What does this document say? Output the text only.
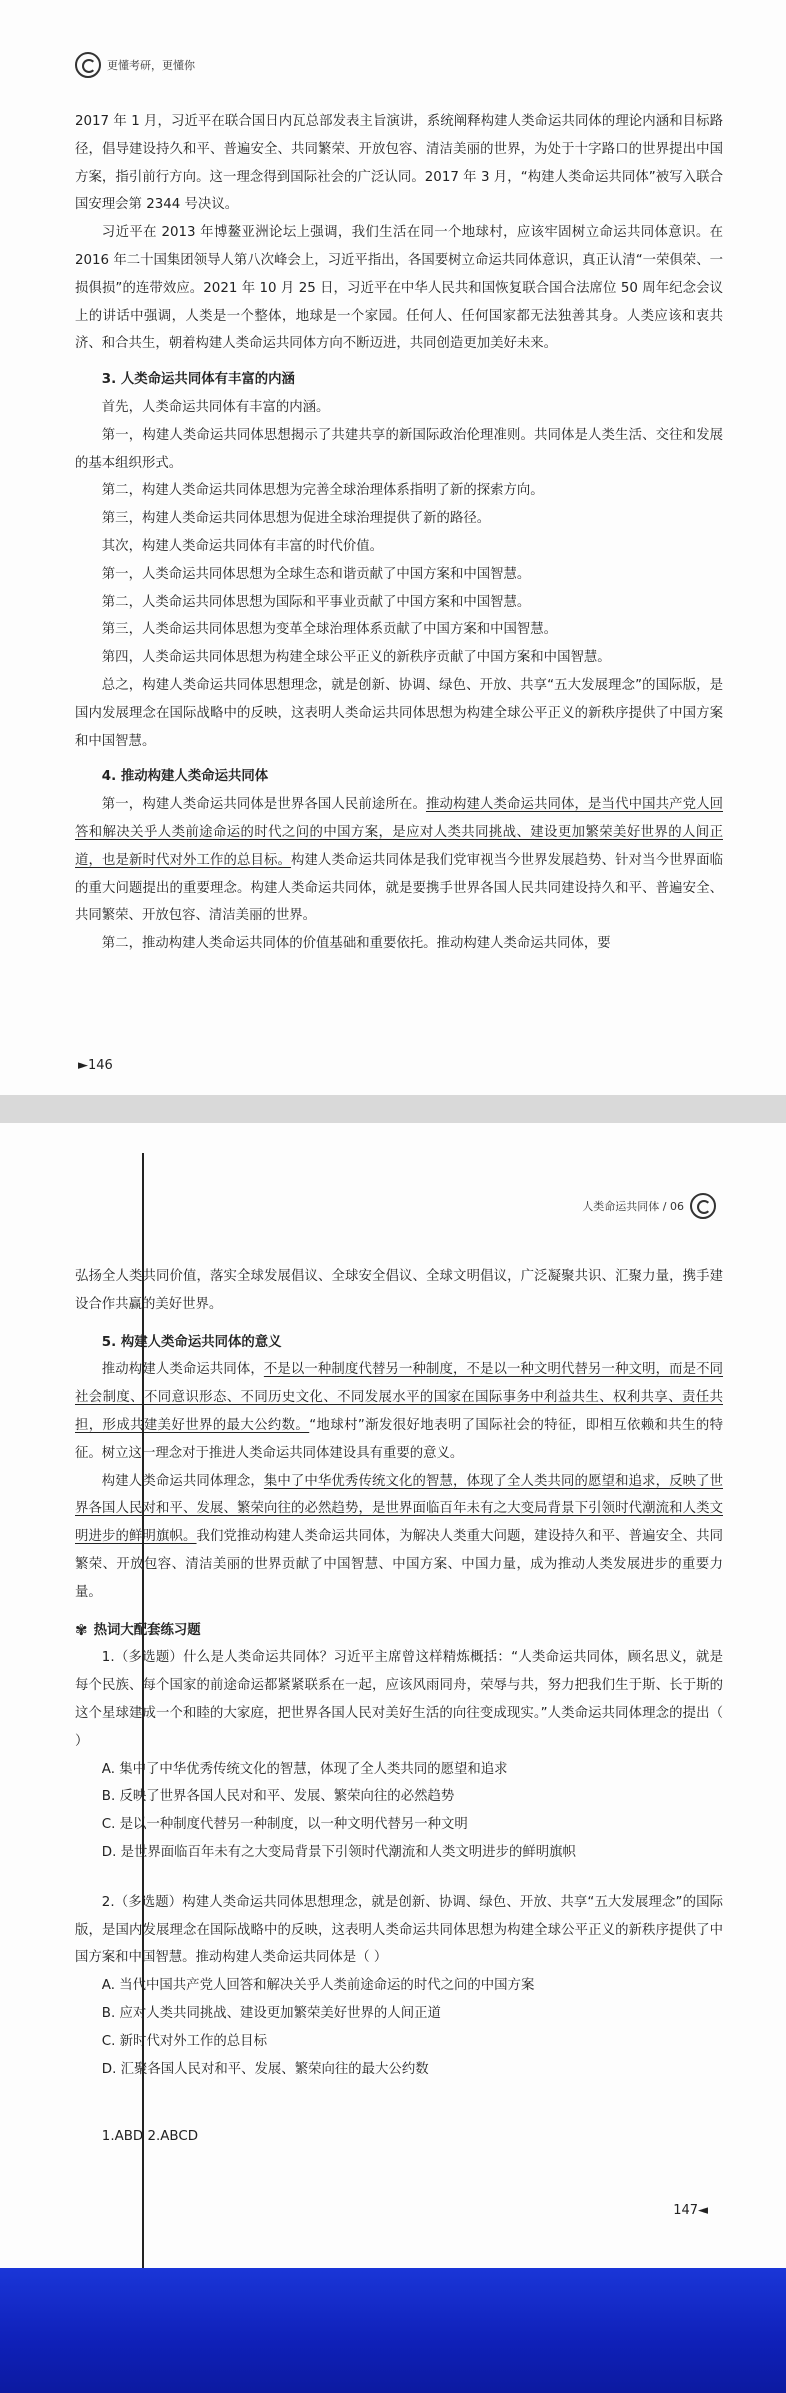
更懂考研，更懂你

2017 年 1 月，习近平在联合国日内瓦总部发表主旨演讲，系统阐释构建人类命运共同体的理论内涵和目标路径，倡导建设持久和平、普遍安全、共同繁荣、开放包容、清洁美丽的世界，为处于十字路口的世界提出中国方案，指引前行方向。这一理念得到国际社会的广泛认同。2017 年 3 月，“构建人类命运共同体”被写入联合国安理会第 2344 号决议。

习近平在 2013 年博鳌亚洲论坛上强调，我们生活在同一个地球村，应该牢固树立命运共同体意识。在 2016 年二十国集团领导人第八次峰会上，习近平指出，各国要树立命运共同体意识，真正认清“一荣俱荣、一损俱损”的连带效应。2021 年 10 月 25 日，习近平在中华人民共和国恢复联合国合法席位 50 周年纪念会议上的讲话中强调，人类是一个整体，地球是一个家园。任何人、任何国家都无法独善其身。人类应该和衷共济、和合共生，朝着构建人类命运共同体方向不断迈进，共同创造更加美好未来。

3. 人类命运共同体有丰富的内涵

首先，人类命运共同体有丰富的内涵。

第一，构建人类命运共同体思想揭示了共建共享的新国际政治伦理准则。共同体是人类生活、交往和发展的基本组织形式。

第二，构建人类命运共同体思想为完善全球治理体系指明了新的探索方向。

第三，构建人类命运共同体思想为促进全球治理提供了新的路径。

其次，构建人类命运共同体有丰富的时代价值。

第一，人类命运共同体思想为全球生态和谐贡献了中国方案和中国智慧。

第二，人类命运共同体思想为国际和平事业贡献了中国方案和中国智慧。

第三，人类命运共同体思想为变革全球治理体系贡献了中国方案和中国智慧。

第四，人类命运共同体思想为构建全球公平正义的新秩序贡献了中国方案和中国智慧。

总之，构建人类命运共同体思想理念，就是创新、协调、绿色、开放、共享“五大发展理念”的国际版，是国内发展理念在国际战略中的反映，这表明人类命运共同体思想为构建全球公平正义的新秩序提供了中国方案和中国智慧。

4. 推动构建人类命运共同体

第一，构建人类命运共同体是世界各国人民前途所在。推动构建人类命运共同体，是当代中国共产党人回答和解决关乎人类前途命运的时代之问的中国方案，是应对人类共同挑战、建设更加繁荣美好世界的人间正道，也是新时代对外工作的总目标。构建人类命运共同体是我们党审视当今世界发展趋势、针对当今世界面临的重大问题提出的重要理念。构建人类命运共同体，就是要携手世界各国人民共同建设持久和平、普遍安全、共同繁荣、开放包容、清洁美丽的世界。

第二，推动构建人类命运共同体的价值基础和重要依托。推动构建人类命运共同体，要

►146
人类命运共同体 / 06

弘扬全人类共同价值，落实全球发展倡议、全球安全倡议、全球文明倡议，广泛凝聚共识、汇聚力量，携手建设合作共赢的美好世界。

5. 构建人类命运共同体的意义

推动构建人类命运共同体，不是以一种制度代替另一种制度，不是以一种文明代替另一种文明，而是不同社会制度、不同意识形态、不同历史文化、不同发展水平的国家在国际事务中利益共生、权利共享、责任共担，形成共建美好世界的最大公约数。“地球村”渐发很好地表明了国际社会的特征，即相互依赖和共生的特征。树立这一理念对于推进人类命运共同体建设具有重要的意义。

构建人类命运共同体理念，集中了中华优秀传统文化的智慧，体现了全人类共同的愿望和追求，反映了世界各国人民对和平、发展、繁荣向往的必然趋势，是世界面临百年未有之大变局背景下引领时代潮流和人类文明进步的鲜明旗帜。我们党推动构建人类命运共同体，为解决人类重大问题，建设持久和平、普遍安全、共同繁荣、开放包容、清洁美丽的世界贡献了中国智慧、中国方案、中国力量，成为推动人类发展进步的重要力量。

✾ 热词大配套练习题

1.（多选题）什么是人类命运共同体？习近平主席曾这样精炼概括：“人类命运共同体，顾名思义，就是每个民族、每个国家的前途命运都紧紧联系在一起，应该风雨同舟，荣辱与共，努力把我们生于斯、长于斯的这个星球建成一个和睦的大家庭，把世界各国人民对美好生活的向往变成现实。”人类命运共同体理念的提出（ ）

A. 集中了中华优秀传统文化的智慧，体现了全人类共同的愿望和追求

B. 反映了世界各国人民对和平、发展、繁荣向往的必然趋势

C. 是以一种制度代替另一种制度，以一种文明代替另一种文明

D. 是世界面临百年未有之大变局背景下引领时代潮流和人类文明进步的鲜明旗帜

2.（多选题）构建人类命运共同体思想理念，就是创新、协调、绿色、开放、共享“五大发展理念”的国际版，是国内发展理念在国际战略中的反映，这表明人类命运共同体思想为构建全球公平正义的新秩序提供了中国方案和中国智慧。推动构建人类命运共同体是（ ）

A. 当代中国共产党人回答和解决关乎人类前途命运的时代之问的中国方案

B. 应对人类共同挑战、建设更加繁荣美好世界的人间正道

C. 新时代对外工作的总目标

D. 汇聚各国人民对和平、发展、繁荣向往的最大公约数

1.ABD 2.ABCD

147◄
